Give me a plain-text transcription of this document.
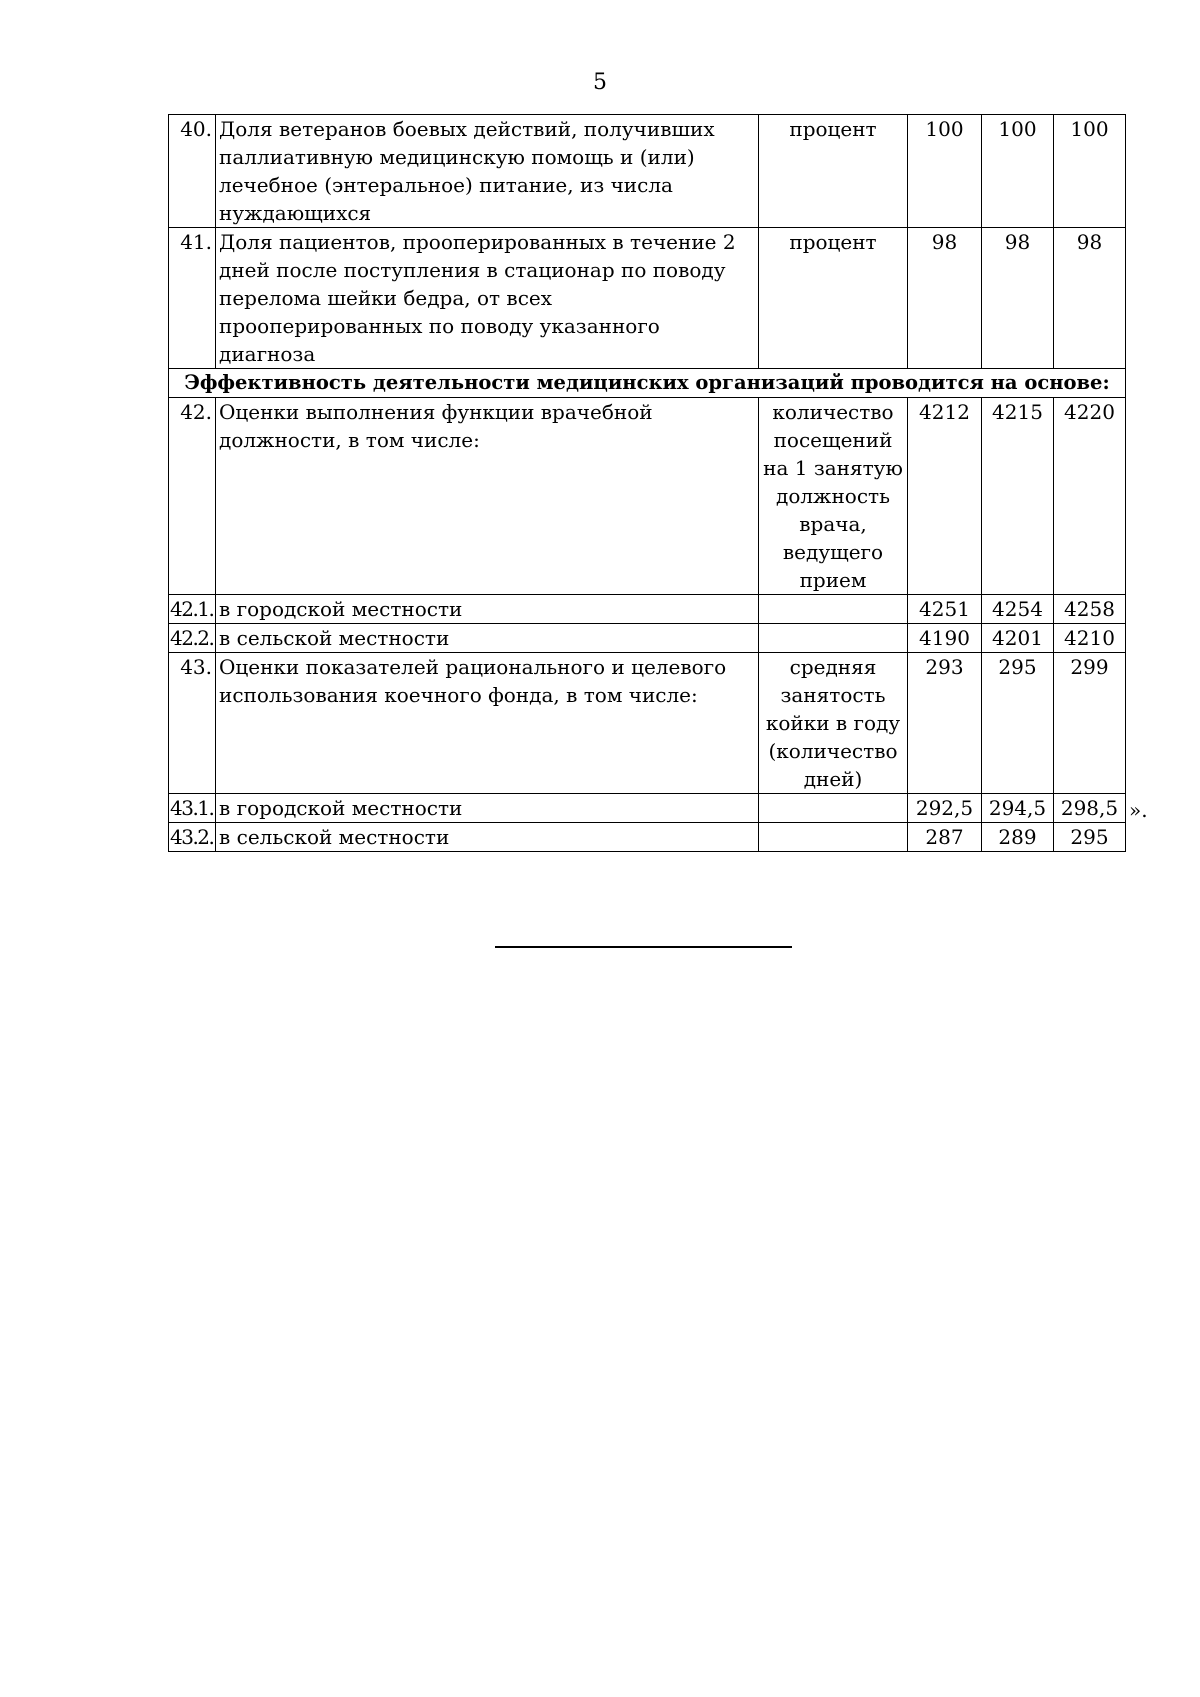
5
40.	Доля ветеранов боевых действий, получивших паллиативную медицинскую помощь и (или) лечебное (энтеральное) питание, из числа нуждающихся	процент	100	100	100
41.	Доля пациентов, прооперированных в течение 2 дней после поступления в стационар по поводу перелома шейки бедра, от всех прооперированных по поводу указанного диагноза	процент	98	98	98
Эффективность деятельности медицинских организаций проводится на основе:					
42.	Оценки выполнения функции врачебной должности, в том числе:	количество посещений на 1 занятую должность врача, ведущего прием	4212	4215	4220
42.1.	в городской местности		4251	4254	4258
42.2.	в сельской местности		4190	4201	4210
43.	Оценки показателей рационального и целевого использования коечного фонда, в том числе:	средняя занятость койки в году (количество дней)	293	295	299
43.1.	в городской местности		292,5	294,5	298,5
43.2.	в сельской местности		287	289	295
».
